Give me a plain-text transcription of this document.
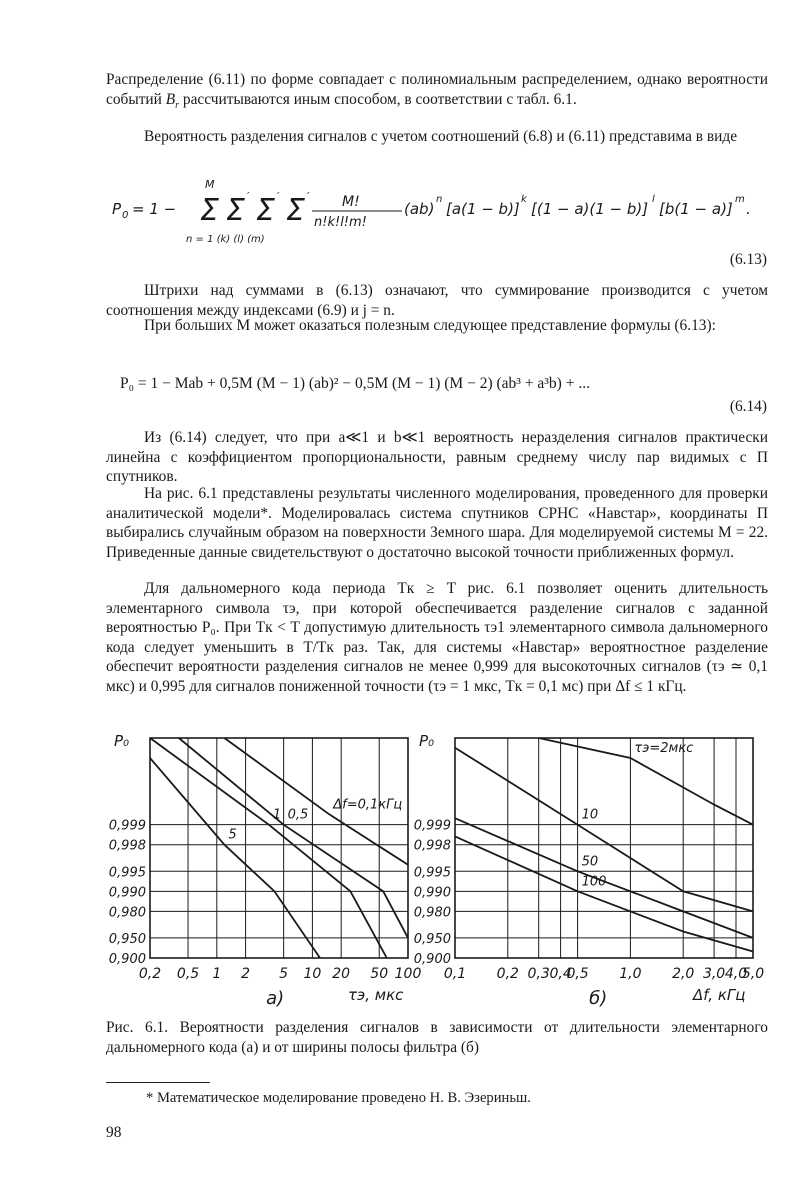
Распределение (6.11) по форме совпадает с полиномиальным распределением, однако вероятности событий $B_r$ рассчитываются иным способом, в соответствии с табл. 6.1.

Вероятность разделения сигналов с учетом соотношений (6.8) и (6.11) представима в виде

P 0 = 1 −
M
Σ Σ ′ Σ ′ Σ ′
n = 1 (k) (l) (m)
M!
n!k!l!m!
(ab)
n
[a(1 − b)]
k
[(1 − a)(1 − b)]
l
[b(1 − a)]
m
.
(6.13)

Штрихи над суммами в (6.13) означают, что суммирование производится с учетом соотношения между индексами (6.9) и j = n.

При больших M может оказаться полезным следующее представление формулы (6.13):

P₀ = 1 − Mab + 0,5M (M − 1) (ab)² − 0,5M (M − 1) (M − 2) (ab³ + a³b) + ...
(6.14)

Из (6.14) следует, что при a≪1 и b≪1 вероятность неразделения сигналов практически линейна с коэффициентом пропорциональности, равным среднему числу пар видимых с П спутников.

На рис. 6.1 представлены результаты численного моделирования, проведенного для проверки аналитической модели*. Моделировалась система спутников СРНС «Навстар», координаты П выбирались случайным образом на поверхности Земного шара. Для моделируемой системы M = 22. Приведенные данные свидетельствуют о достаточно высокой точности приближенных формул.

Для дальномерного кода периода Tк ≥ T рис. 6.1 позволяет оценить длительность элементарного символа τэ, при которой обеспечивается разделение сигналов с заданной вероятностью P₀. При Tк < T допустимую длительность τэ1 элементарного символа дальномерного кода следует уменьшить в T/Tк раз. Так, для системы «Навстар» вероятностное разделение обеспечит вероятности разделения сигналов не менее 0,999 для высокоточных сигналов (τэ ≃ 0,1 мкс) и 0,995 для сигналов пониженной точности (τэ = 1 мкс, Tк = 0,1 мс) при Δf ≤ 1 кГц.

0,2 0,5 1 2 5 10 20 50 100
0,999
0,998
0,995
0,990
0,980
0,950
0,900
P₀
τэ, мкс
а)
5
1 0,5
Δf=0,1кГц
0,1 0,2 0,3 0,4
0,5 1,0 2,0 3,0 4,0
5,0
0,999
0,998
0,995
0,990
0,980
0,950
0,900
P₀
Δf, кГц
б)
τэ=2мкс
10
50
100
Рис. 6.1. Вероятности разделения сигналов в зависимости от длительности элементарного дальномерного кода (а) и от ширины полосы фильтра (б)
* Математическое моделирование проведено Н. В. Эзериньш.
98
